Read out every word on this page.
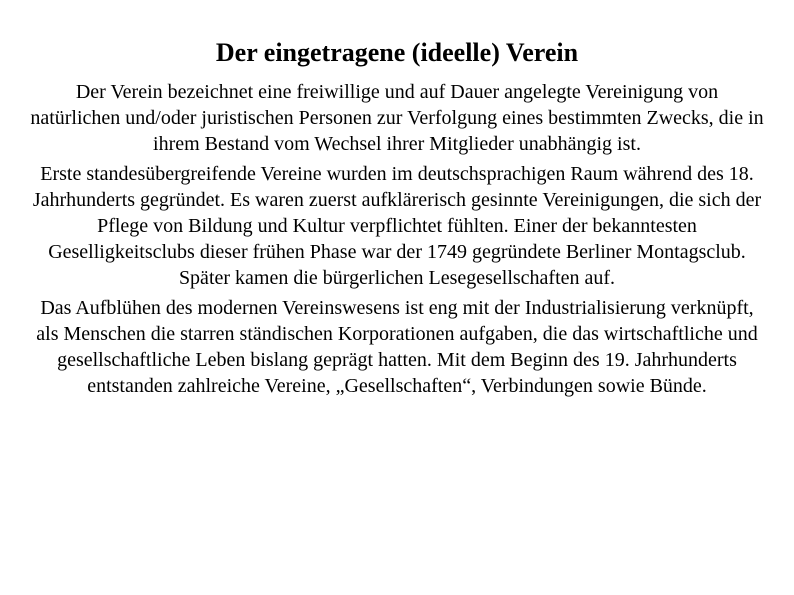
Der eingetragene (ideelle) Verein

Der Verein bezeichnet eine freiwillige und auf Dauer angelegte Vereinigung von natürlichen und/oder juristischen Personen zur Verfolgung eines bestimmten Zwecks, die in ihrem Bestand vom Wechsel ihrer Mitglieder unabhängig ist.

Erste standesübergreifende Vereine wurden im deutschsprachigen Raum während des 18. Jahrhunderts gegründet. Es waren zuerst aufklärerisch gesinnte Vereinigungen, die sich der Pflege von Bildung und Kultur verpflichtet fühlten. Einer der bekanntesten Geselligkeitsclubs dieser frühen Phase war der 1749 gegründete Berliner Montagsclub. Später kamen die bürgerlichen Lesegesellschaften auf.

Das Aufblühen des modernen Vereinswesens ist eng mit der Industrialisierung verknüpft, als Menschen die starren ständischen Korporationen aufgaben, die das wirtschaftliche und gesellschaftliche Leben bislang geprägt hatten. Mit dem Beginn des 19. Jahrhunderts entstanden zahlreiche Vereine, „Gesellschaften“, Verbindungen sowie Bünde.
